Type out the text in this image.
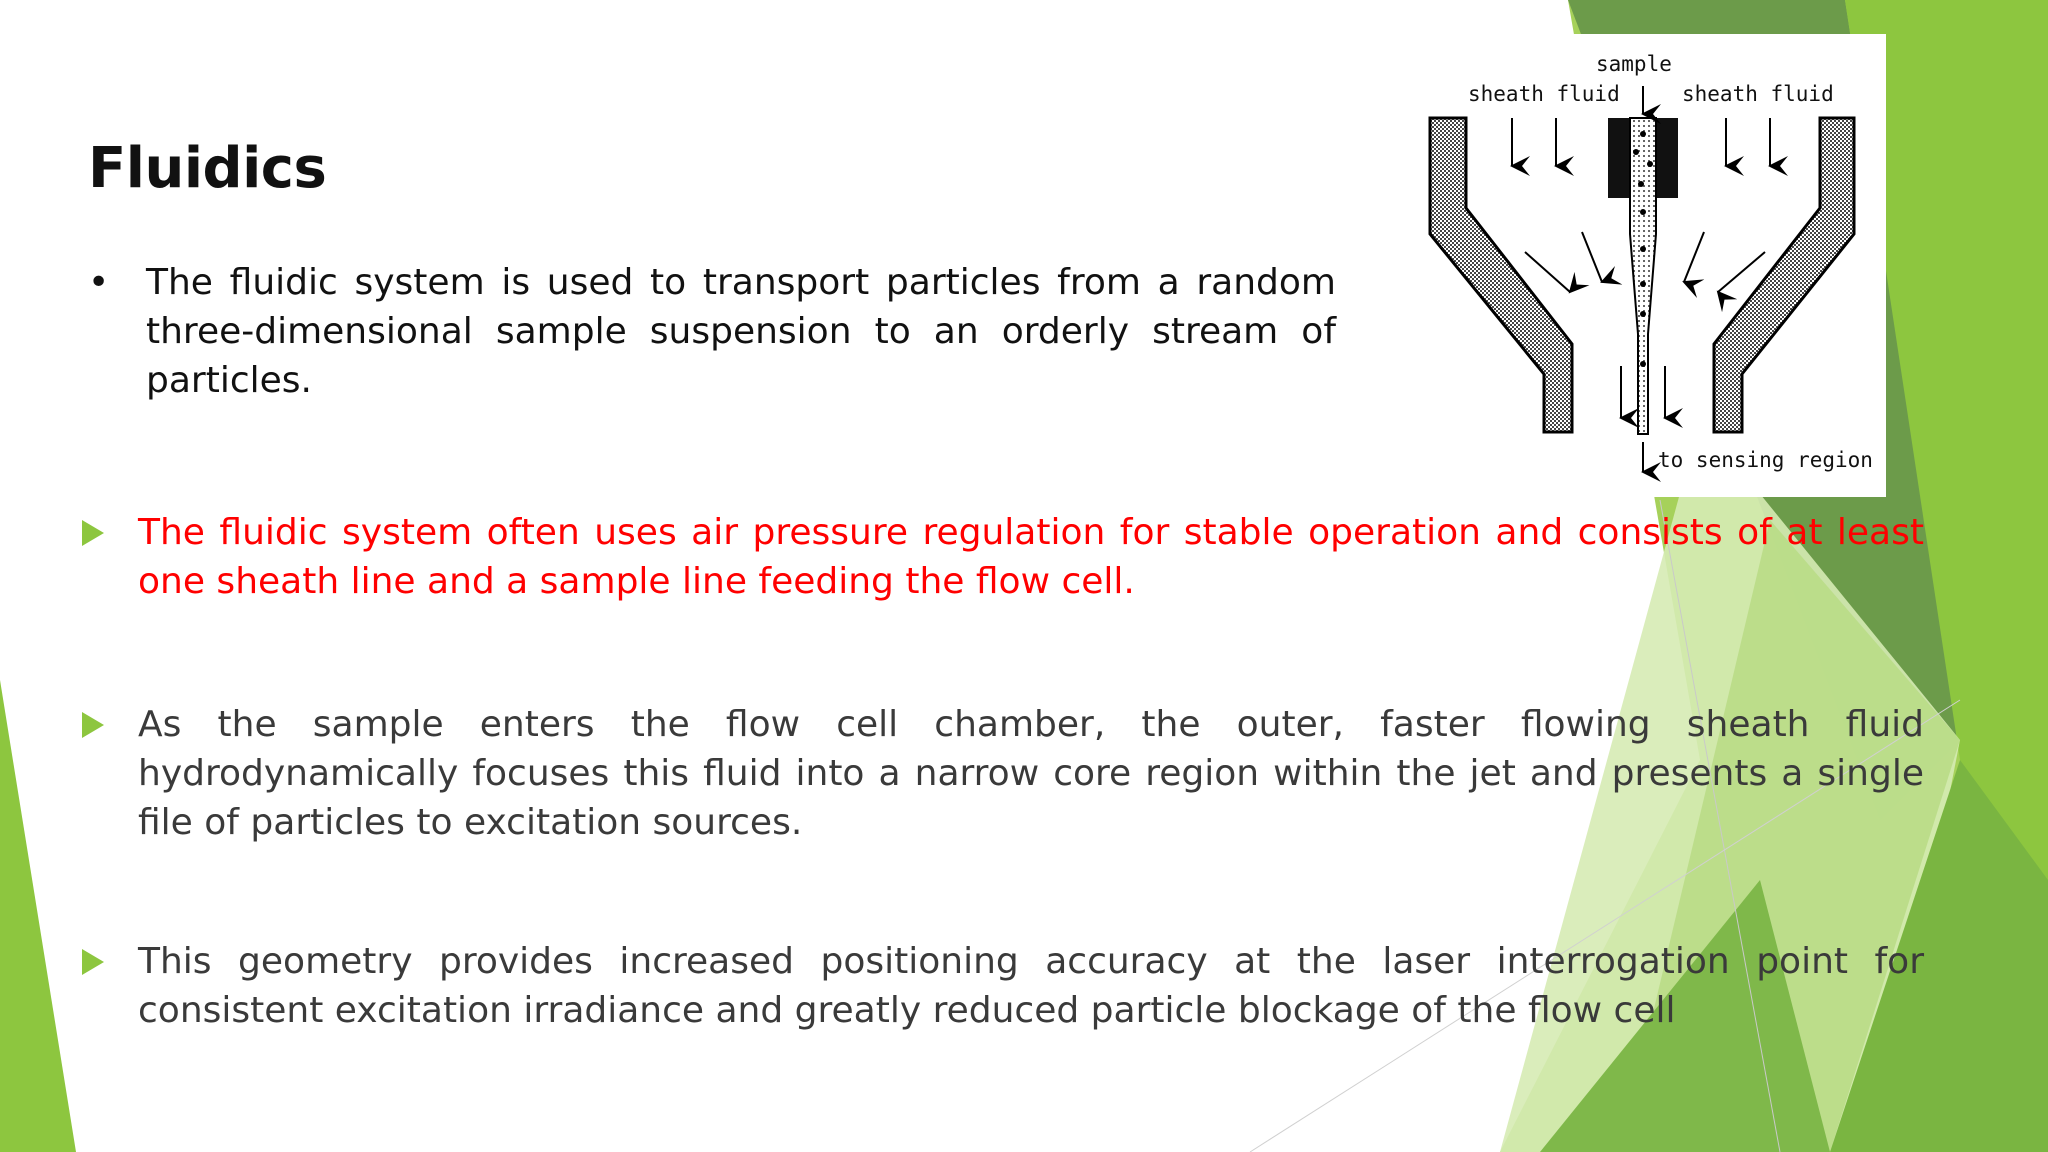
Fluidics
•	The fluidic system is used to transport particles from a random three-dimensional sample suspension to an orderly stream of particles.
The fluidic system often uses air pressure regulation for stable operation and consists of at least one sheath line and a sample line feeding the flow cell.
As the sample enters the flow cell chamber, the outer, faster flowing sheath fluid hydrodynamically focuses this fluid into a narrow core region within the jet and presents a single file of particles to excitation sources.
This geometry provides increased positioning accuracy at the laser interrogation point for consistent excitation irradiance and greatly reduced particle blockage of the flow cell
sample
sheath fluid	sheath fluid
to sensing region
